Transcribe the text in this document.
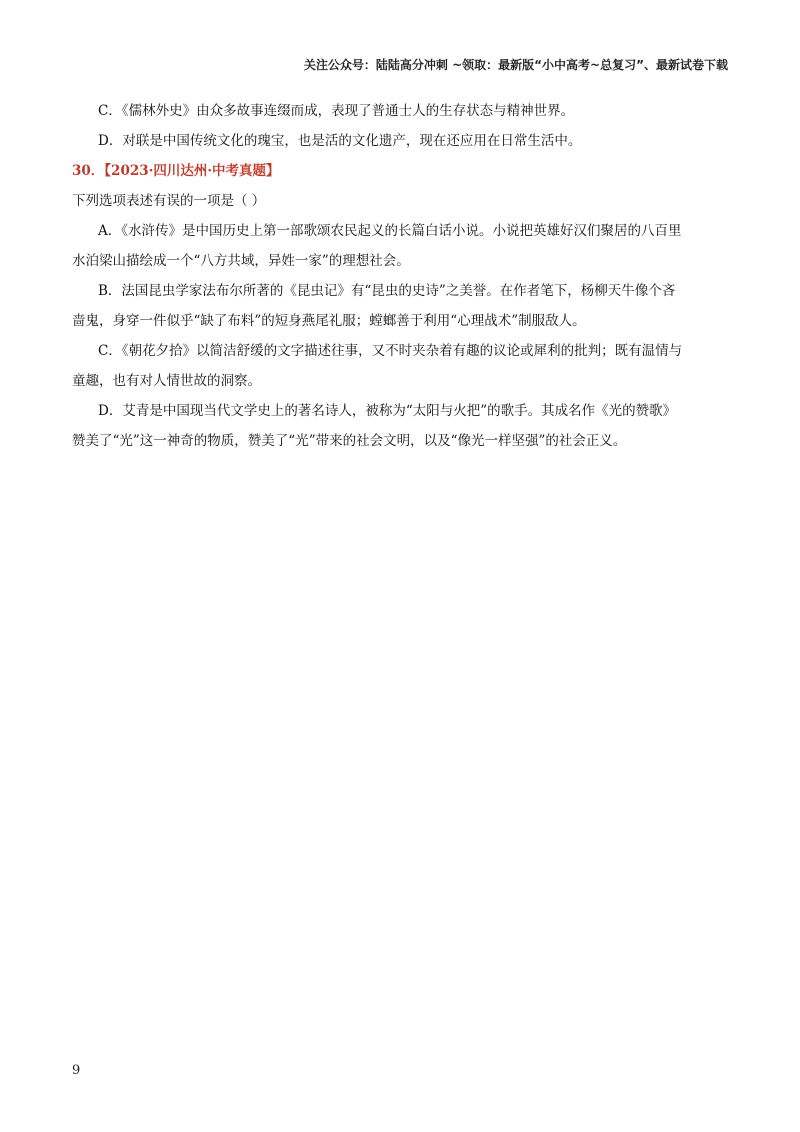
关注公众号：陆陆高分冲刺 ~领取：最新版“小中高考~总复习”、最新试卷下载
C．《儒林外史》由众多故事连缀而成，表现了普通士人的生存状态与精神世界。
D．对联是中国传统文化的瑰宝，也是活的文化遗产，现在还应用在日常生活中。
30．【2023·四川达州·中考真题】
下列选项表述有误的一项是（ ）
A．《水浒传》是中国历史上第一部歌颂农民起义的长篇白话小说。小说把英雄好汉们聚居的八百里
水泊梁山描绘成一个“八方共域，异姓一家”的理想社会。
B．法国昆虫学家法布尔所著的《昆虫记》有“昆虫的史诗”之美誉。在作者笔下，杨柳天牛像个吝
啬鬼，身穿一件似乎“缺了布料”的短身燕尾礼服；螳螂善于利用“心理战术”制服敌人。
C．《朝花夕拾》以简洁舒缓的文字描述往事，又不时夹杂着有趣的议论或犀利的批判；既有温情与
童趣，也有对人情世故的洞察。
D．艾青是中国现当代文学史上的著名诗人，被称为“太阳与火把”的歌手。其成名作《光的赞歌》
赞美了“光”这一神奇的物质，赞美了“光”带来的社会文明，以及“像光一样坚强”的社会正义。
9
